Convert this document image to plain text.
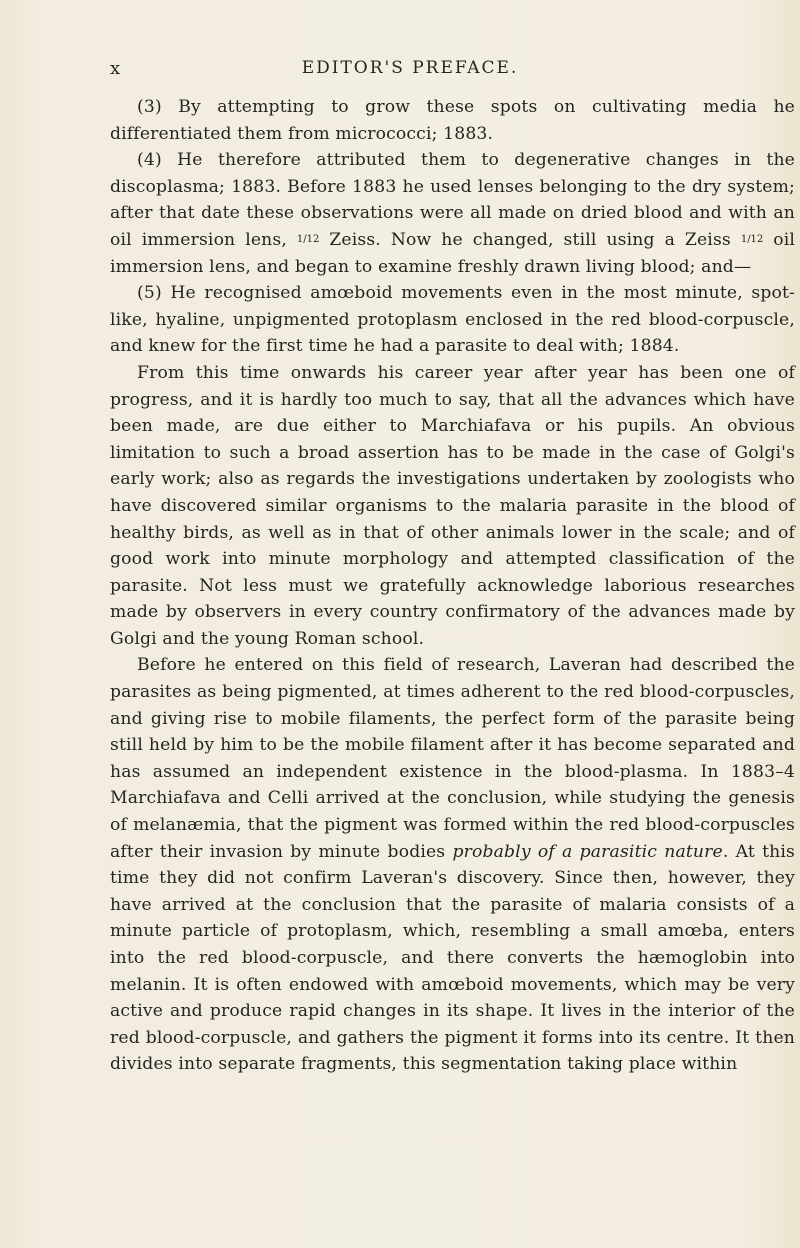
x	EDITOR'S PREFACE.

(3) By attempting to grow these spots on cultivating media he differentiated them from micrococci; 1883.

(4) He therefore attributed them to degenerative changes in the discoplasma; 1883. Before 1883 he used lenses belonging to the dry system; after that date these observations were all made on dried blood and with an oil immersion lens, 1/12 Zeiss. Now he changed, still using a Zeiss 1/12 oil immersion lens, and began to examine freshly drawn living blood; and—

(5) He recognised amœboid movements even in the most minute, spot-like, hyaline, unpigmented protoplasm enclosed in the red blood-corpuscle, and knew for the first time he had a parasite to deal with; 1884.

From this time onwards his career year after year has been one of progress, and it is hardly too much to say, that all the advances which have been made, are due either to Marchiafava or his pupils. An obvious limitation to such a broad assertion has to be made in the case of Golgi's early work; also as regards the investigations undertaken by zoologists who have discovered similar organisms to the malaria parasite in the blood of healthy birds, as well as in that of other animals lower in the scale; and of good work into minute morphology and attempted classification of the parasite. Not less must we gratefully acknowledge laborious researches made by observers in every country confirmatory of the advances made by Golgi and the young Roman school.

Before he entered on this field of research, Laveran had described the parasites as being pigmented, at times adherent to the red blood-corpuscles, and giving rise to mobile filaments, the perfect form of the parasite being still held by him to be the mobile filament after it has become separated and has assumed an independent existence in the blood-plasma. In 1883–4 Marchiafava and Celli arrived at the conclusion, while studying the genesis of melanæmia, that the pigment was formed within the red blood-corpuscles after their invasion by minute bodies probably of a parasitic nature. At this time they did not confirm Laveran's discovery. Since then, however, they have arrived at the conclusion that the parasite of malaria consists of a minute particle of protoplasm, which, resembling a small amœba, enters into the red blood-corpuscle, and there converts the hæmoglobin into melanin. It is often endowed with amœboid movements, which may be very active and produce rapid changes in its shape. It lives in the interior of the red blood-corpuscle, and gathers the pigment it forms into its centre. It then divides into separate fragments, this segmentation taking place within
